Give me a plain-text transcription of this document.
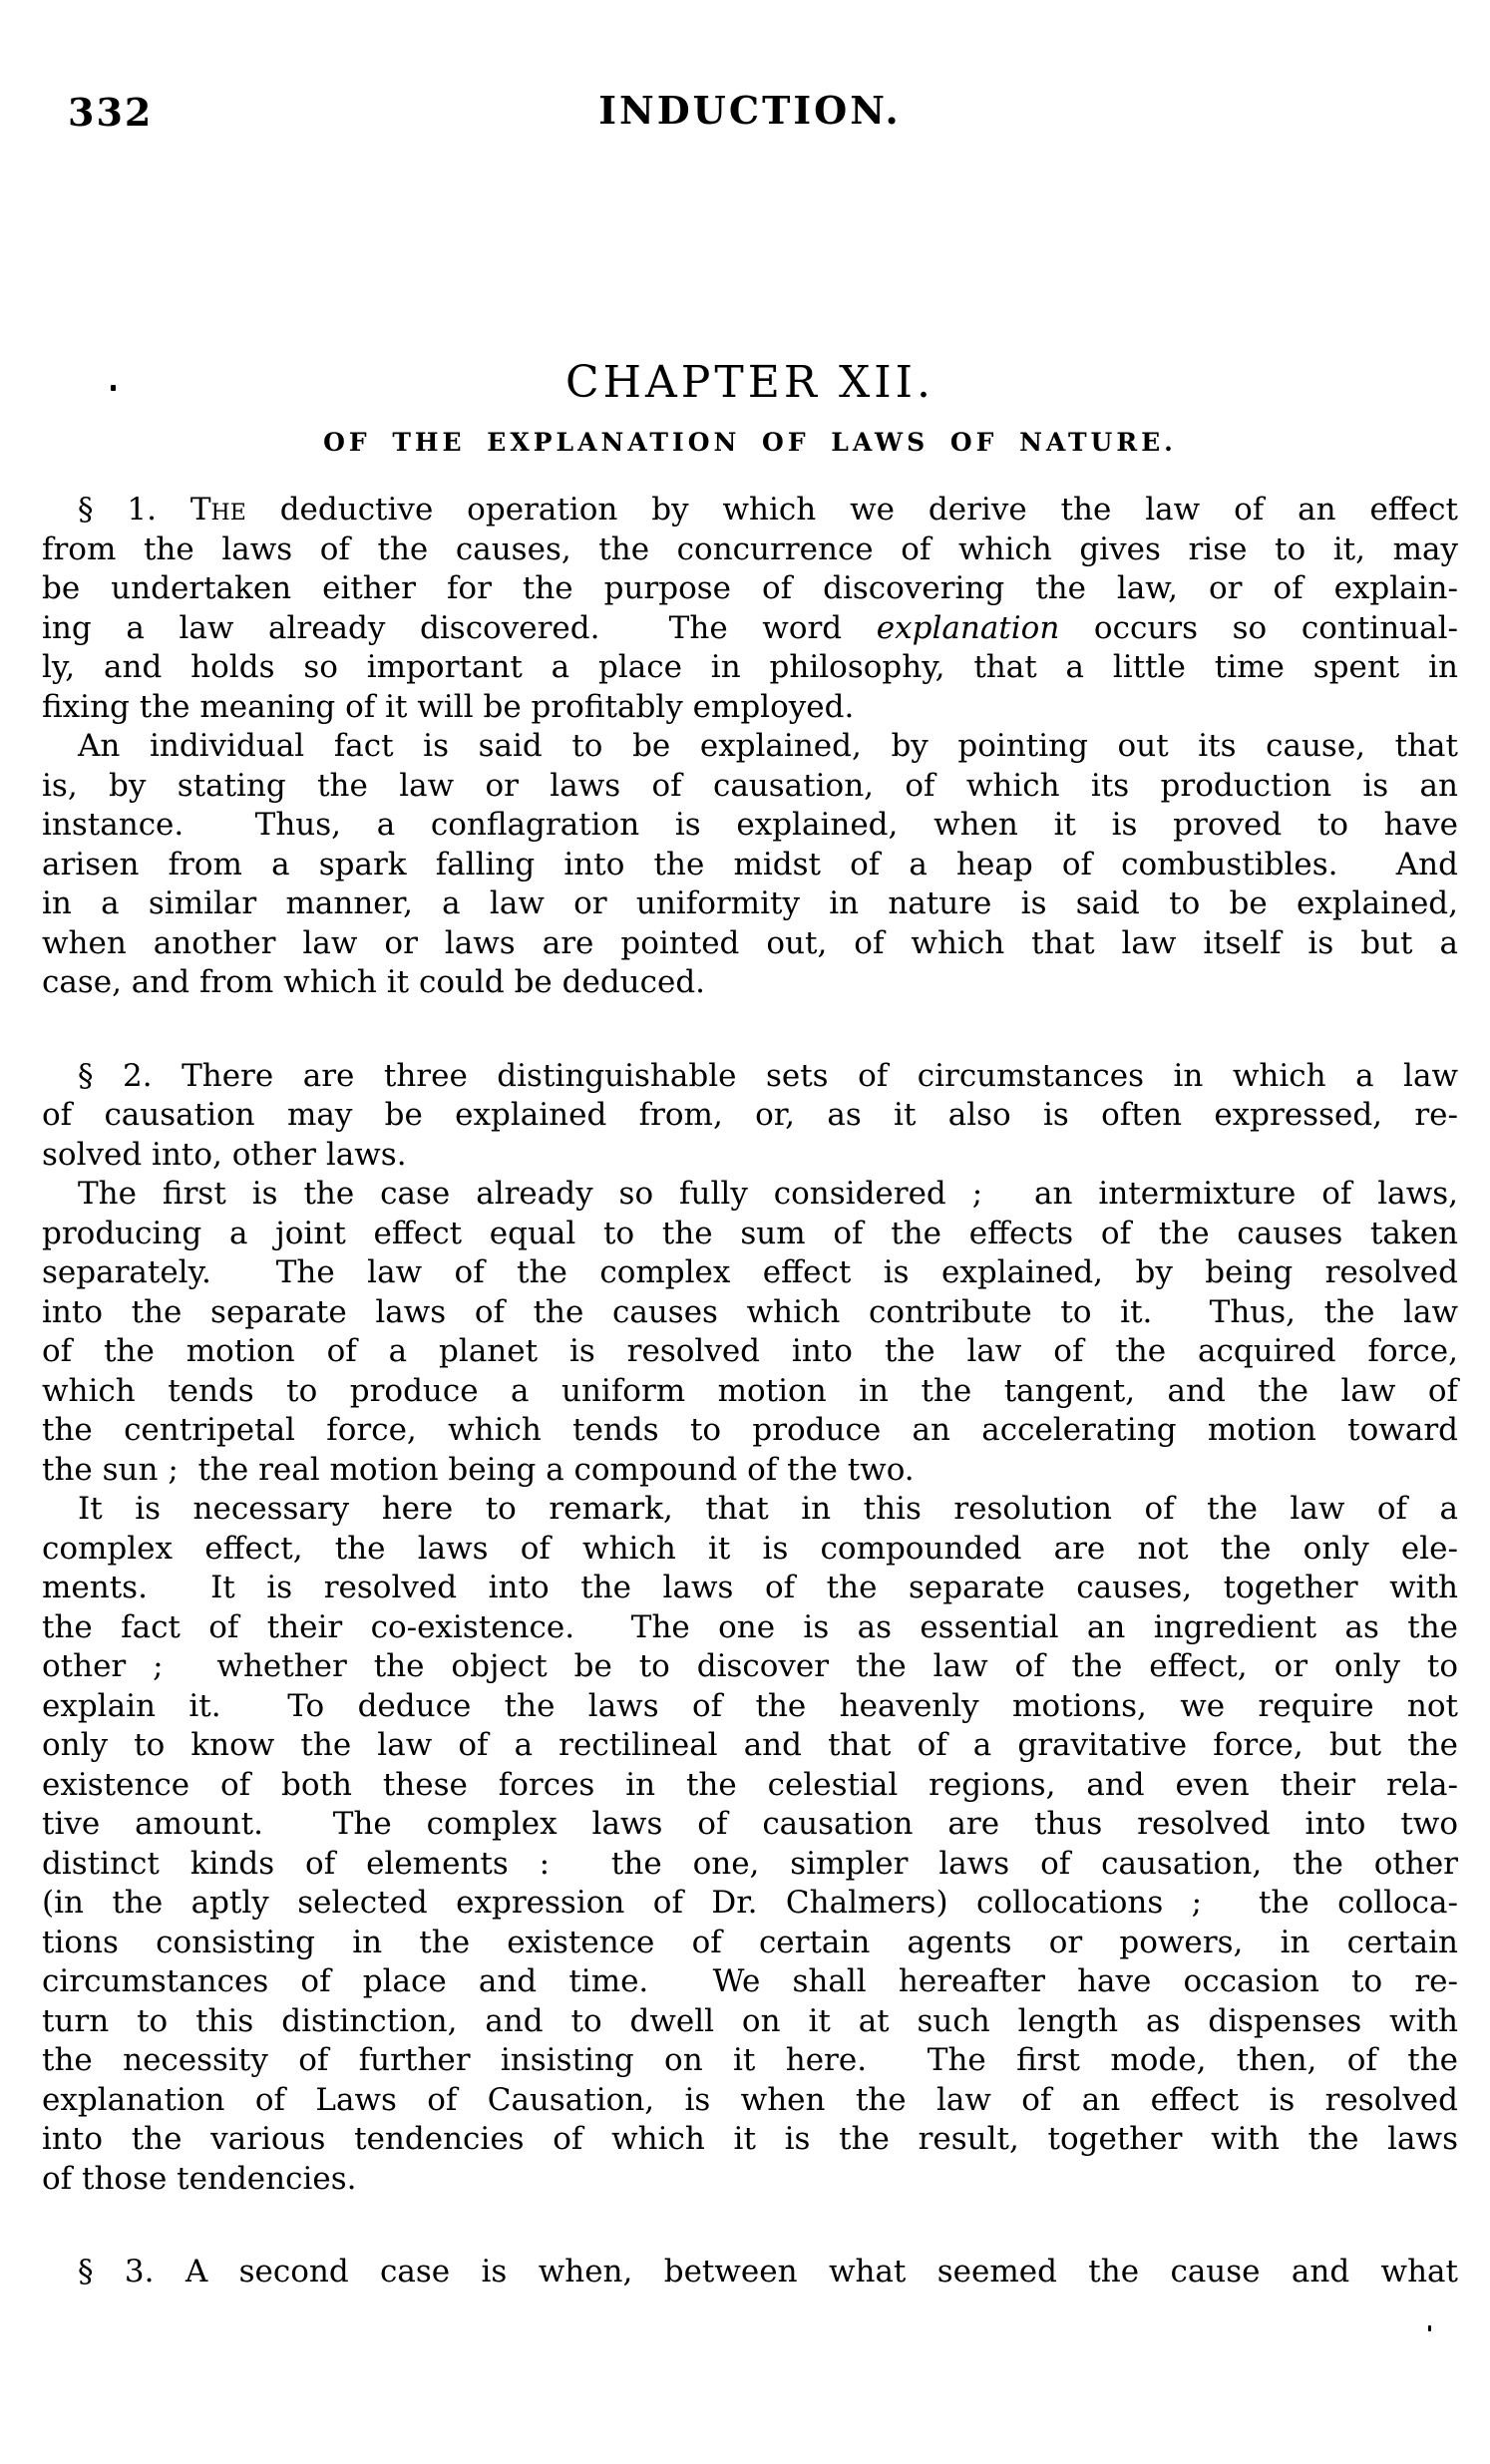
332	INDUCTION.
CHAPTER XII.
OF THE EXPLANATION OF LAWS OF NATURE.
§ 1. The deductive operation by which we derive the law of an effect
from the laws of the causes, the concurrence of which gives rise to it, may
be undertaken either for the purpose of discovering the law, or of explain-
ing a law already discovered.  The word explanation occurs so continual-
ly, and holds so important a place in philosophy, that a little time spent in
fixing the meaning of it will be profitably employed.
An individual fact is said to be explained, by pointing out its cause, that
is, by stating the law or laws of causation, of which its production is an
instance.  Thus, a conflagration is explained, when it is proved to have
arisen from a spark falling into the midst of a heap of combustibles.  And
in a similar manner, a law or uniformity in nature is said to be explained,
when another law or laws are pointed out, of which that law itself is but a
case, and from which it could be deduced.
§ 2. There are three distinguishable sets of circumstances in which a law
of causation may be explained from, or, as it also is often expressed, re-
solved into, other laws.
The first is the case already so fully considered ;  an intermixture of laws,
producing a joint effect equal to the sum of the effects of the causes taken
separately.  The law of the complex effect is explained, by being resolved
into the separate laws of the causes which contribute to it.  Thus, the law
of the motion of a planet is resolved into the law of the acquired force,
which tends to produce a uniform motion in the tangent, and the law of
the centripetal force, which tends to produce an accelerating motion toward
the sun ;  the real motion being a compound of the two.
It is necessary here to remark, that in this resolution of the law of a
complex effect, the laws of which it is compounded are not the only ele-
ments.  It is resolved into the laws of the separate causes, together with
the fact of their co-existence.  The one is as essential an ingredient as the
other ;  whether the object be to discover the law of the effect, or only to
explain it.  To deduce the laws of the heavenly motions, we require not
only to know the law of a rectilineal and that of a gravitative force, but the
existence of both these forces in the celestial regions, and even their rela-
tive amount.  The complex laws of causation are thus resolved into two
distinct kinds of elements :  the one, simpler laws of causation, the other
(in the aptly selected expression of Dr. Chalmers) collocations ;  the colloca-
tions consisting in the existence of certain agents or powers, in certain
circumstances of place and time.  We shall hereafter have occasion to re-
turn to this distinction, and to dwell on it at such length as dispenses with
the necessity of further insisting on it here.  The first mode, then, of the
explanation of Laws of Causation, is when the law of an effect is resolved
into the various tendencies of which it is the result, together with the laws
of those tendencies.
§ 3. A second case is when, between what seemed the cause and what
